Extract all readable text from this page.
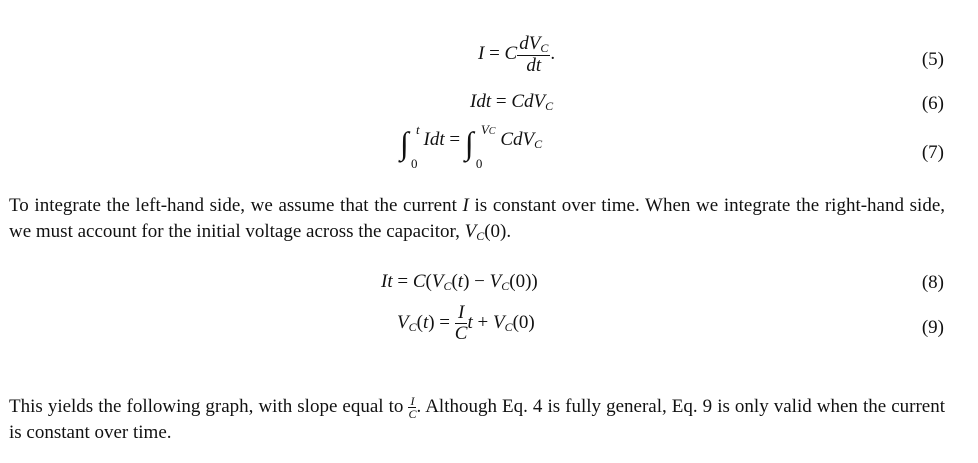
I = C $\frac{dV_C}{dt}$ .	(5)
Idt = CdV$_C$	(6)
∫ t
0
Idt = ∫ VC
0
CdV$_C$	(7)

To integrate the left-hand side, we assume that the current I is constant over time. When we integrate the right-hand side, we must account for the initial voltage across the capacitor, $V_C(0)$.

$It = C(V_C(t) - V_C(0))$	(8)
$V_C(t) = \frac{I}{C}$ $t + V_C(0)$	(9)

This yields the following graph, with slope equal to $\frac{I}{C}$ . Although Eq. 4 is fully general, Eq. 9 is only valid when the current is constant over time.
